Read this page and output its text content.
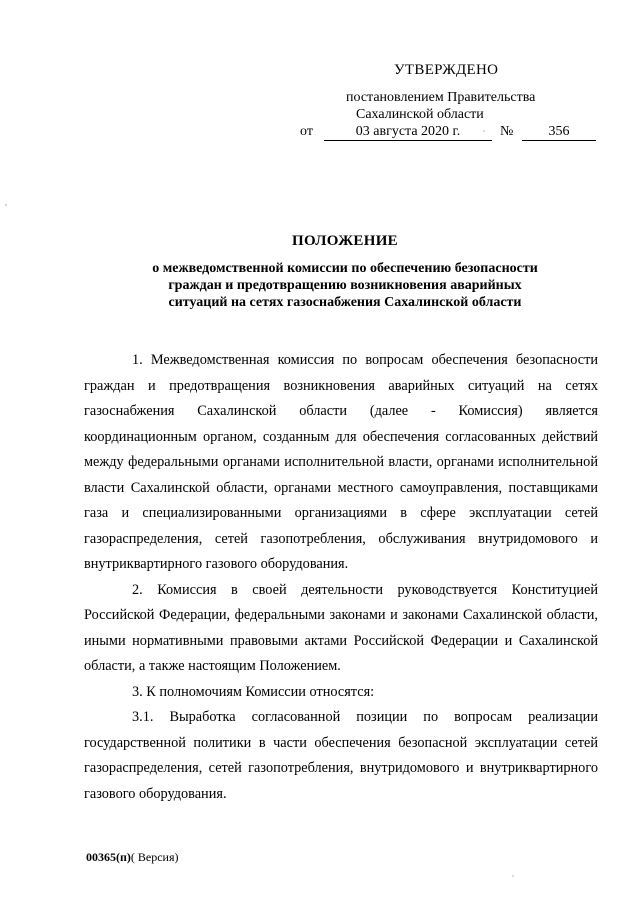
УТВЕРЖДЕНО
постановлением Правительства
Сахалинской области
от	03 августа 2020 г.	№	356
ПОЛОЖЕНИЕ
о межведомственной комиссии по обеспечению безопасности
граждан и предотвращению возникновения аварийных
ситуаций на сетях газоснабжения Сахалинской области

1. Межведомственная комиссия по вопросам обеспечения безопасности граждан и предотвращения возникновения аварийных ситуаций на сетях газоснабжения Сахалинской области (далее - Комиссия) является координационным органом, созданным для обеспечения согласованных действий между федеральными органами исполнительной власти, органами исполнительной власти Сахалинской области, органами местного самоуправления, поставщиками газа и специализированными организациями в сфере эксплуатации сетей газораспределения, сетей газопотребления, обслуживания внутридомового и внутриквартирного газового оборудования.

2. Комиссия в своей деятельности руководствуется Конституцией Российской Федерации, федеральными законами и законами Сахалинской области, иными нормативными правовыми актами Российской Федерации и Сахалинской области, а также настоящим Положением.

3. К полномочиям Комиссии относятся:

3.1. Выработка согласованной позиции по вопросам реализации государственной политики в части обеспечения безопасной эксплуатации сетей газораспределения, сетей газопотребления, внутридомового и внутриквартирного газового оборудования.

00365(п)( Версия)
